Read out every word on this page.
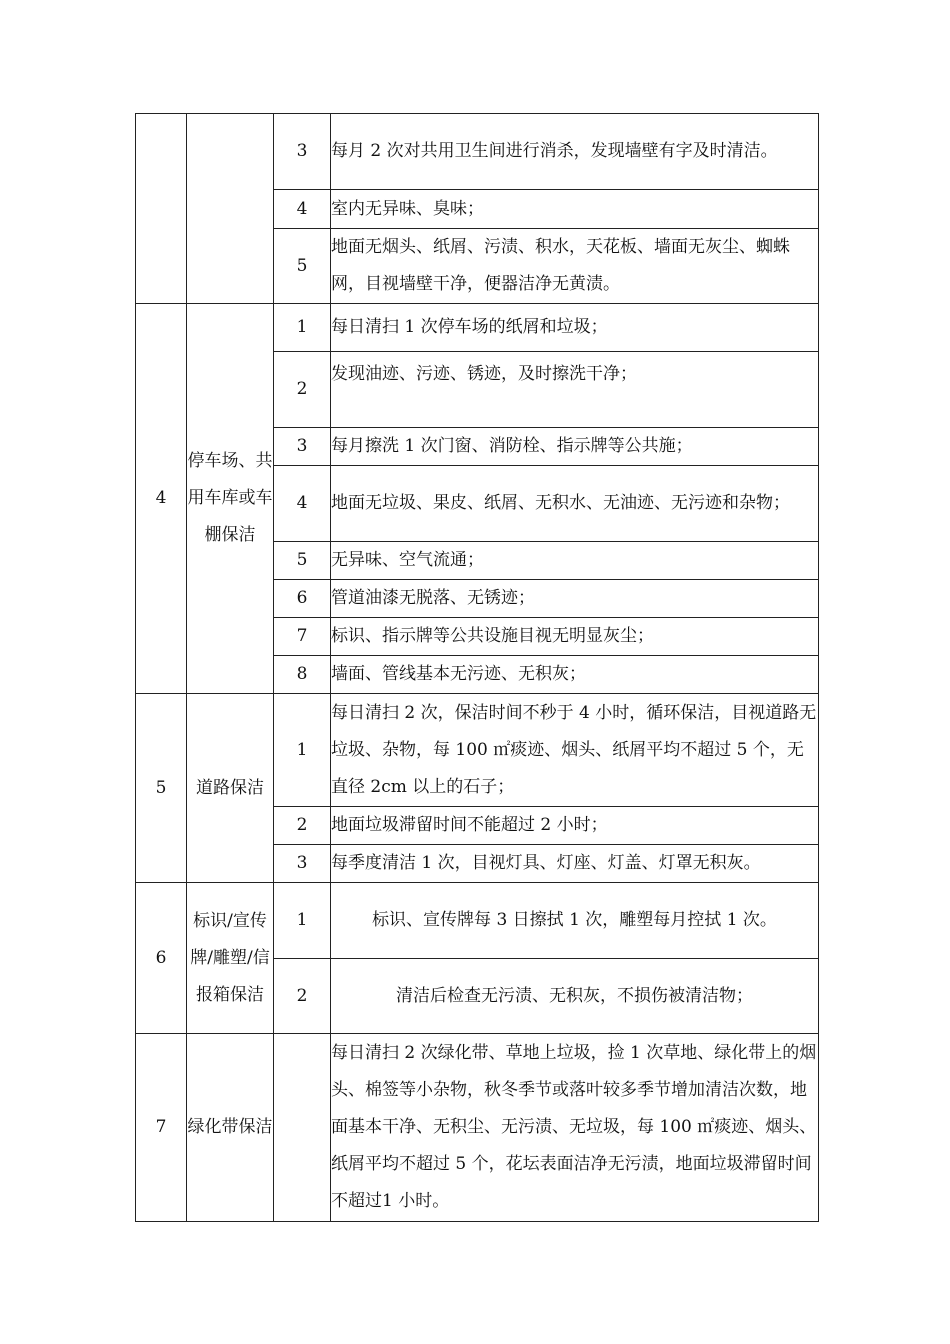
		3	每月 2 次对共用卫生间进行消杀，发现墙壁有字及时清洁。
		4	室内无异味、臭味；
		5	地面无烟头、纸屑、污渍、积水，天花板、墙面无灰尘、蜘蛛网，目视墙壁干净，便器洁净无黄渍。
4	停车场、共用车库或车棚保洁	1	每日清扫 1 次停车场的纸屑和垃圾；
		2	发现油迹、污迹、锈迹，及时擦洗干净；
		3	每月擦洗 1 次门窗、消防栓、指示牌等公共施；
		4	地面无垃圾、果皮、纸屑、无积水、无油迹、无污迹和杂物；
		5	无异味、空气流通；
		6	管道油漆无脱落、无锈迹；
		7	标识、指示牌等公共设施目视无明显灰尘；
		8	墙面、管线基本无污迹、无积灰；
5	道路保洁	1	每日清扫 2 次，保洁时间不秒于 4 小时，循环保洁，目视道路无垃圾、杂物，每 100 ㎡痰迹、烟头、纸屑平均不超过 5 个，无直径 2cm 以上的石子；
		2	地面垃圾滞留时间不能超过 2 小时；
		3	每季度清洁 1 次，目视灯具、灯座、灯盖、灯罩无积灰。
6	标识/宣传牌/雕塑/信报箱保洁	1	标识、宣传牌每 3 日擦拭 1 次，雕塑每月控拭 1 次。
		2	清洁后检查无污渍、无积灰，不损伤被清洁物；
7	绿化带保洁		每日清扫 2 次绿化带、草地上垃圾，捡 1 次草地、绿化带上的烟头、棉签等小杂物，秋冬季节或落叶较多季节增加清洁次数，地面基本干净、无积尘、无污渍、无垃圾，每 100 ㎡痰迹、烟头、纸屑平均不超过 5 个，花坛表面洁净无污渍，地面垃圾滞留时间不超过1 小时。
